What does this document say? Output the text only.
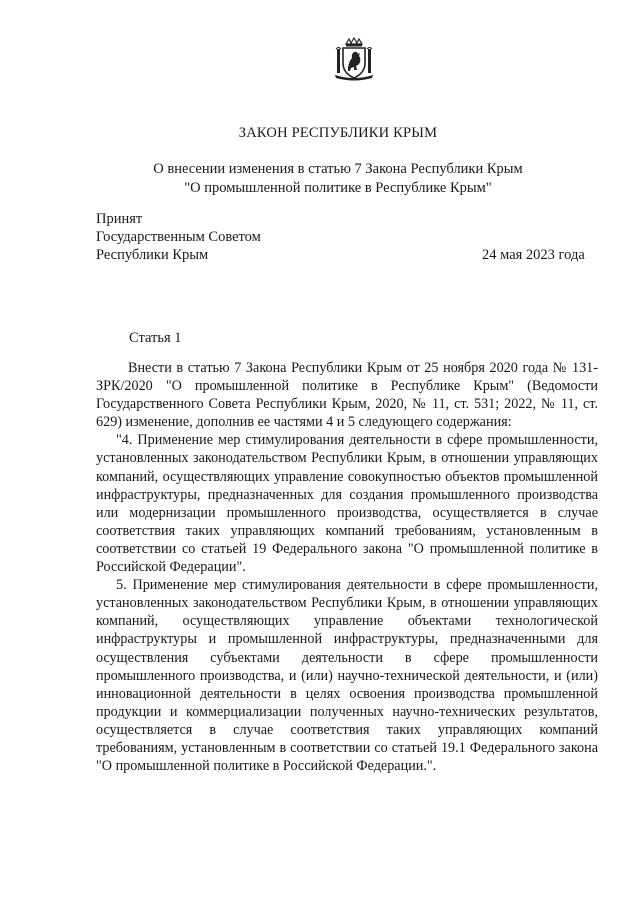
ЗАКОН РЕСПУБЛИКИ КРЫМ
О внесении изменения в статью 7 Закона Республики Крым
"О промышленной политике в Республике Крым"
Принят
Государственным Советом
Республики Крым	24 мая 2023 года
Статья 1

Внести в статью 7 Закона Республики Крым от 25 ноября 2020 года № 131-ЗРК/2020 "О промышленной политике в Республике Крым" (Ведомости Государственного Совета Республики Крым, 2020, № 11, ст. 531; 2022, № 11, ст. 629) изменение, дополнив ее частями 4 и 5 следующего содержания:

"4. Применение мер стимулирования деятельности в сфере промышленности, установленных законодательством Республики Крым, в отношении управляющих компаний, осуществляющих управление совокупностью объектов промышленной инфраструктуры, предназначенных для создания промышленного производства или модернизации промышленного производства, осуществляется в случае соответствия таких управляющих компаний требованиям, установленным в соответствии со статьей 19 Федерального закона "О промышленной политике в Российской Федерации".

5. Применение мер стимулирования деятельности в сфере промышленности, установленных законодательством Республики Крым, в отношении управляющих компаний, осуществляющих управление объектами технологической инфраструктуры и промышленной инфраструктуры, предназначенными для осуществления субъектами деятельности в сфере промышленности промышленного производства, и (или) научно-технической деятельности, и (или) инновационной деятельности в целях освоения производства промышленной продукции и коммерциализации полученных научно-технических результатов, осуществляется в случае соответствия таких управляющих компаний требованиям, установленным в соответствии со статьей 19.1 Федерального закона "О промышленной политике в Российской Федерации.".
